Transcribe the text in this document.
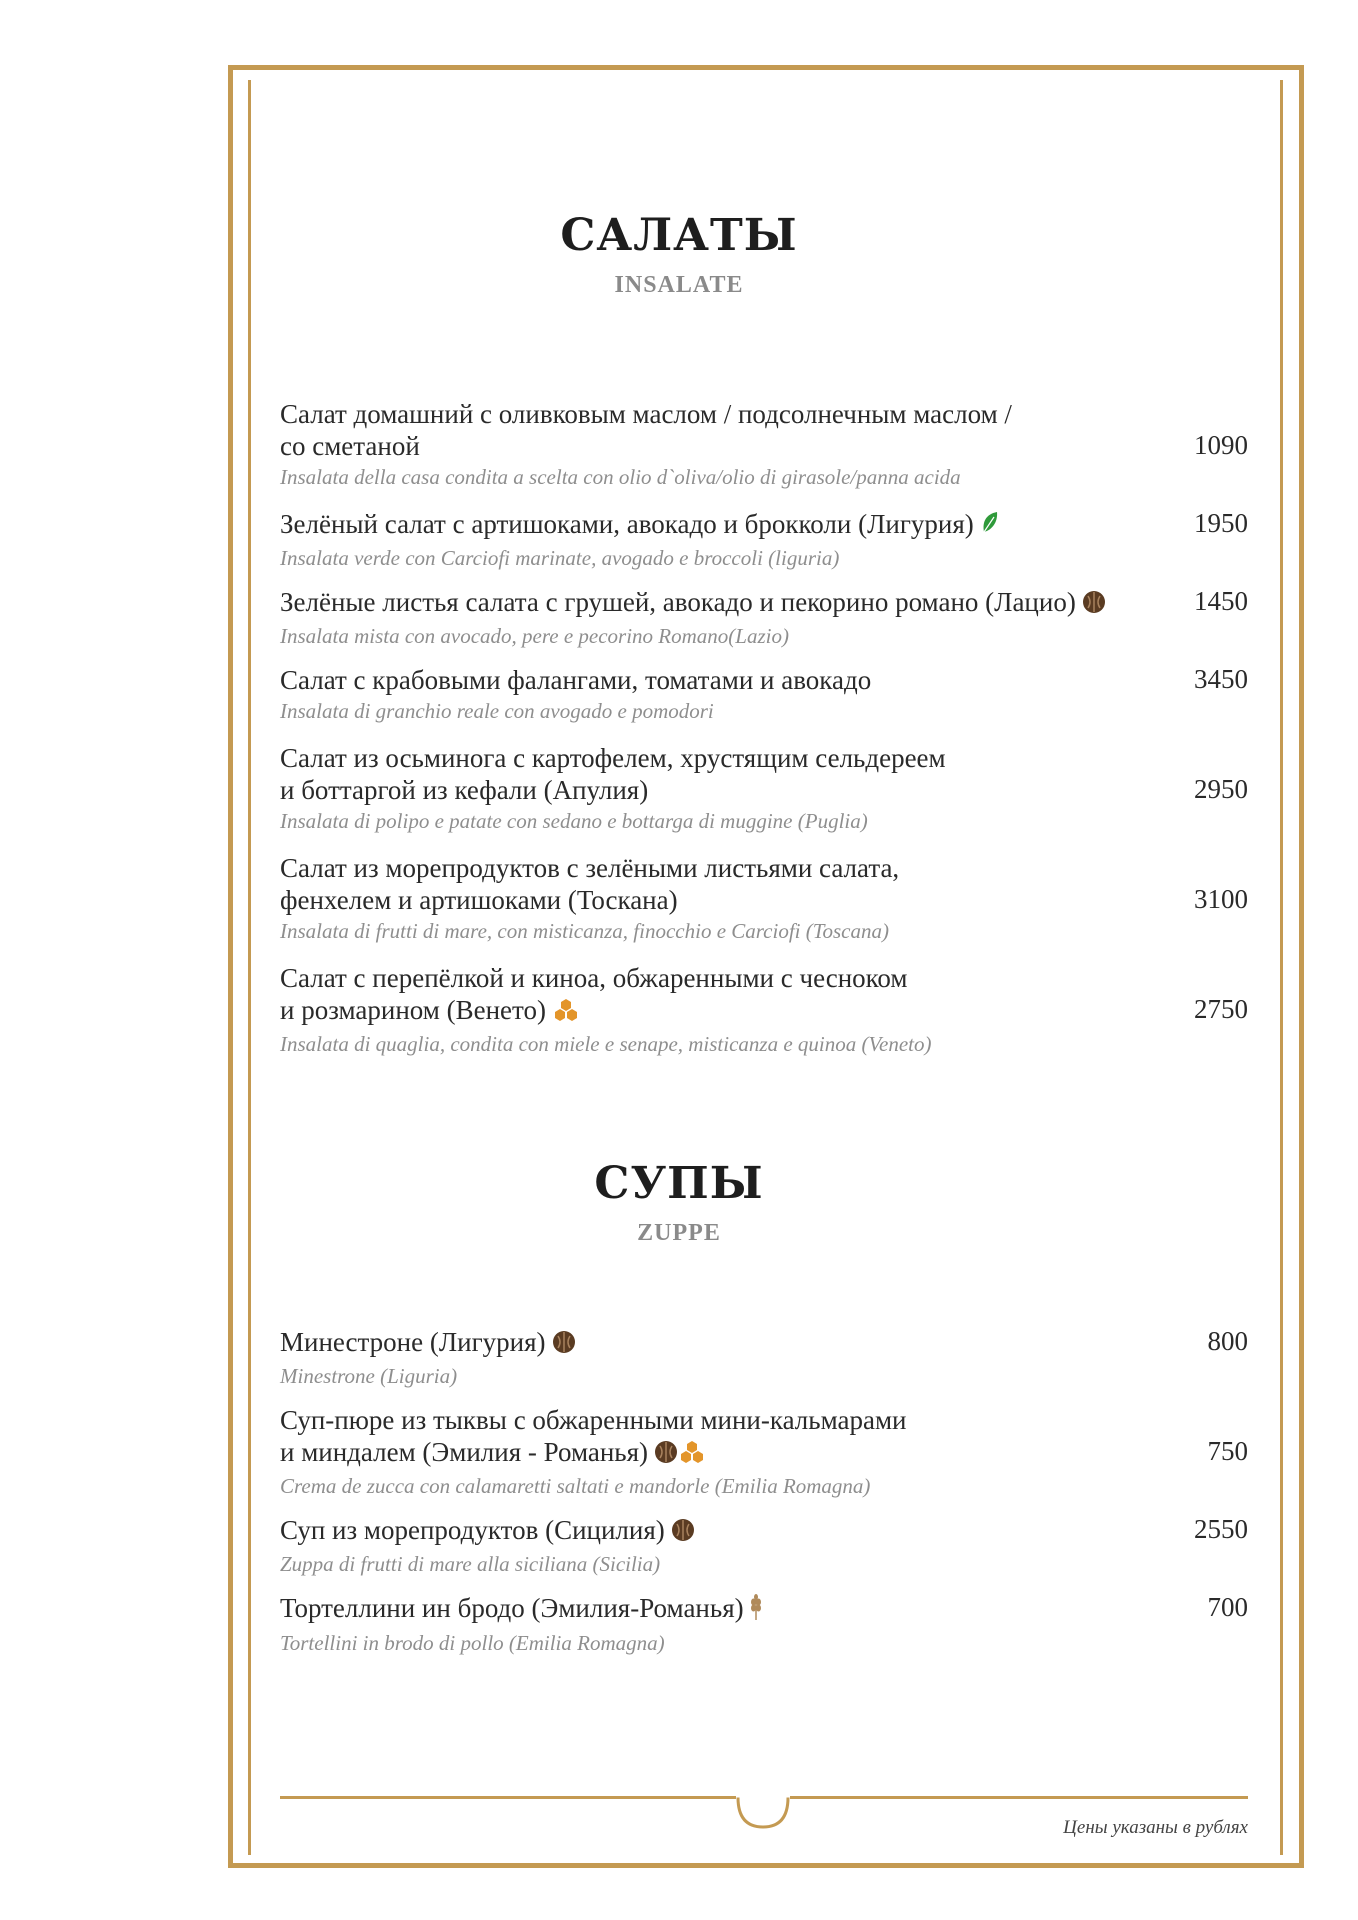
САЛАТЫ
INSALATE
Салат домашний с оливковым маслом / подсолнечным маслом /
со сметаной
Insalata della casa condita a scelta con olio d`oliva/olio di girasole/panna acida
1090
Зелёный салат с артишоками, авокадо и брокколи (Лигурия)
Insalata verde con Carciofi marinate, avogado e broccoli (liguria)
1950
Зелёные листья салата с грушей, авокадо и пекорино романо (Лацио)
Insalata mista con avocado, pere e pecorino Romano(Lazio)
1450
Салат с крабовыми фалангами, томатами и авокадо
Insalata di granchio reale con avogado e pomodori
3450
Салат из осьминога с картофелем, хрустящим сельдереем
и боттаргой из кефали (Апулия)
Insalata di polipo e patate con sedano e bottarga di muggine (Puglia)
2950
Салат из морепродуктов с зелёными листьями салата,
фенхелем и артишоками (Тоскана)
Insalata di frutti di mare, con misticanza, finocchio e Carciofi (Toscana)
3100
Салат с перепёлкой и киноа, обжаренными с чесноком
и розмарином (Венето)
Insalata di quaglia, condita con miele e senape, misticanza e quinoa (Veneto)
2750
СУПЫ
ZUPPE
Минестроне (Лигурия)
Minestrone (Liguria)
800
Суп-пюре из тыквы с обжаренными мини-кальмарами
и миндалем (Эмилия - Романья)
Crema de zucca con calamaretti saltati e mandorle (Emilia Romagna)
750
Суп из морепродуктов (Сицилия)
Zuppa di frutti di mare alla siciliana (Sicilia)
2550
Тортеллини ин бродо (Эмилия-Романья)
Tortellini in brodo di pollo (Emilia Romagna)
700
Цены указаны в рублях
